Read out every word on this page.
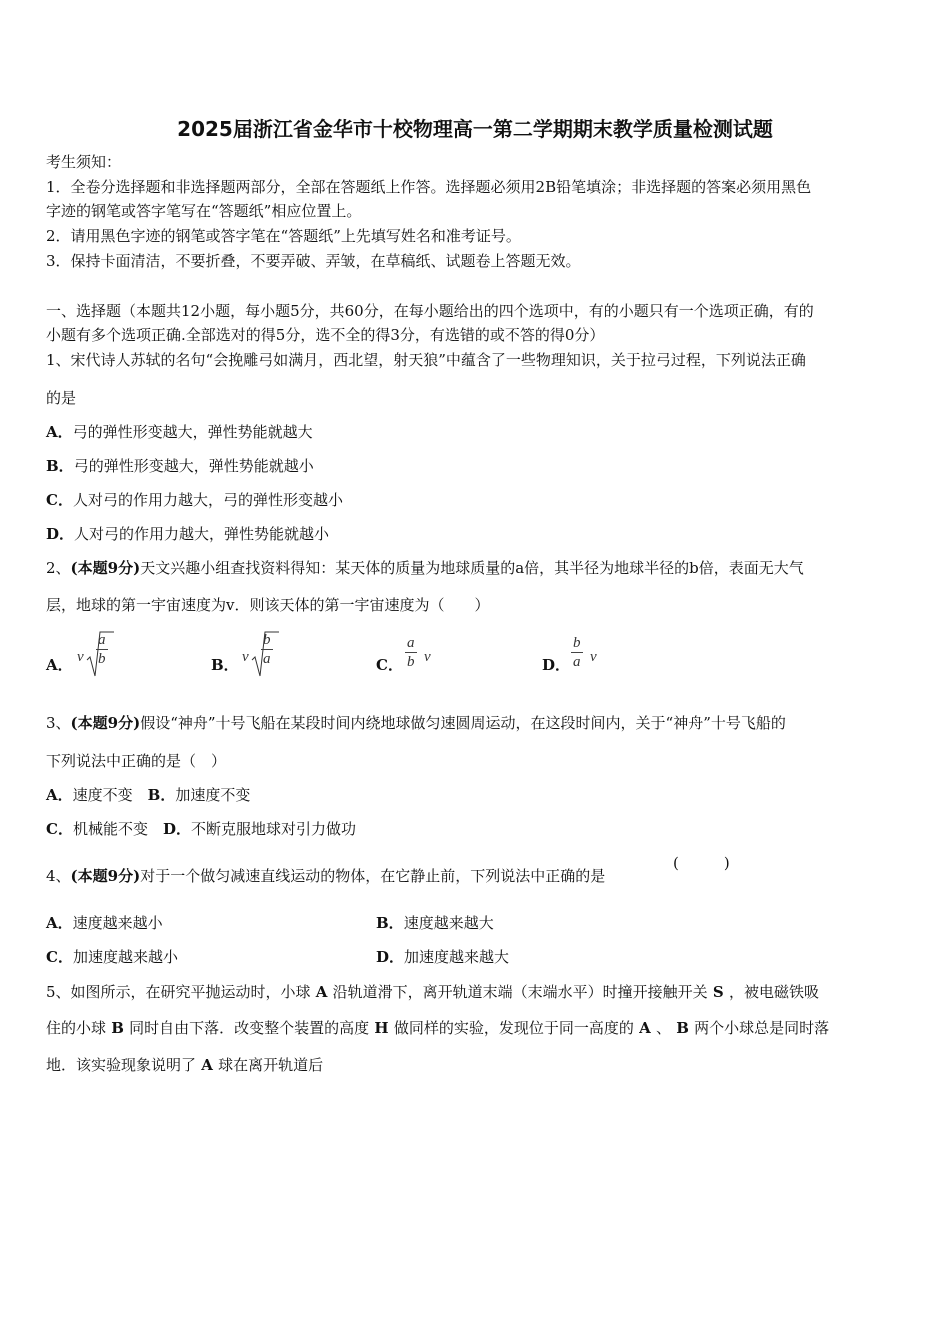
2025届浙江省金华市十校物理高一第二学期期末教学质量检测试题
考生须知：
1．全卷分选择题和非选择题两部分，全部在答题纸上作答。选择题必须用2B铅笔填涂；非选择题的答案必须用黑色
字迹的钢笔或答字笔写在“答题纸”相应位置上。
2．请用黑色字迹的钢笔或答字笔在“答题纸”上先填写姓名和准考证号。
3．保持卡面清洁，不要折叠，不要弄破、弄皱，在草稿纸、试题卷上答题无效。
一、选择题（本题共12小题，每小题5分，共60分，在每小题给出的四个选项中，有的小题只有一个选项正确，有的
小题有多个选项正确.全部选对的得5分，选不全的得3分，有选错的或不答的得0分）
1、宋代诗人苏轼的名句“会挽雕弓如满月，西北望，射天狼”中蕴含了一些物理知识，关于拉弓过程，下列说法正确
的是
A．弓的弹性形变越大，弹性势能就越大
B．弓的弹性形变越大，弹性势能就越小
C．人对弓的作用力越大，弓的弹性形变越小
D．人对弓的作用力越大，弹性势能就越小
2、(本题9分)天文兴趣小组查找资料得知：某天体的质量为地球质量的a倍，其半径为地球半径的b倍，表面无大气
层，地球的第一宇宙速度为v．则该天体的第一宇宙速度为（　　）
A． v
a
b	B． v
b
a	C．
a
b v	D．
b
a v
3、(本题9分)假设“神舟”十号飞船在某段时间内绕地球做匀速圆周运动，在这段时间内，关于“神舟”十号飞船的
下列说法中正确的是（　）
A．速度不变　 B．加速度不变
C．机械能不变　 D．不断克服地球对引力做功
4、(本题9分)对于一个做匀减速直线运动的物体，在它静止前，下列说法中正确的是
(　　　)
A．速度越来越小	B．速度越来越大
C．加速度越来越小	D．加速度越来越大
5、如图所示，在研究平抛运动时，小球 A 沿轨道滑下，离开轨道末端（末端水平）时撞开接触开关 S ，被电磁铁吸
住的小球 B 同时自由下落．改变整个装置的高度 H 做同样的实验，发现位于同一高度的 A 、 B 两个小球总是同时落
地．该实验现象说明了 A 球在离开轨道后
